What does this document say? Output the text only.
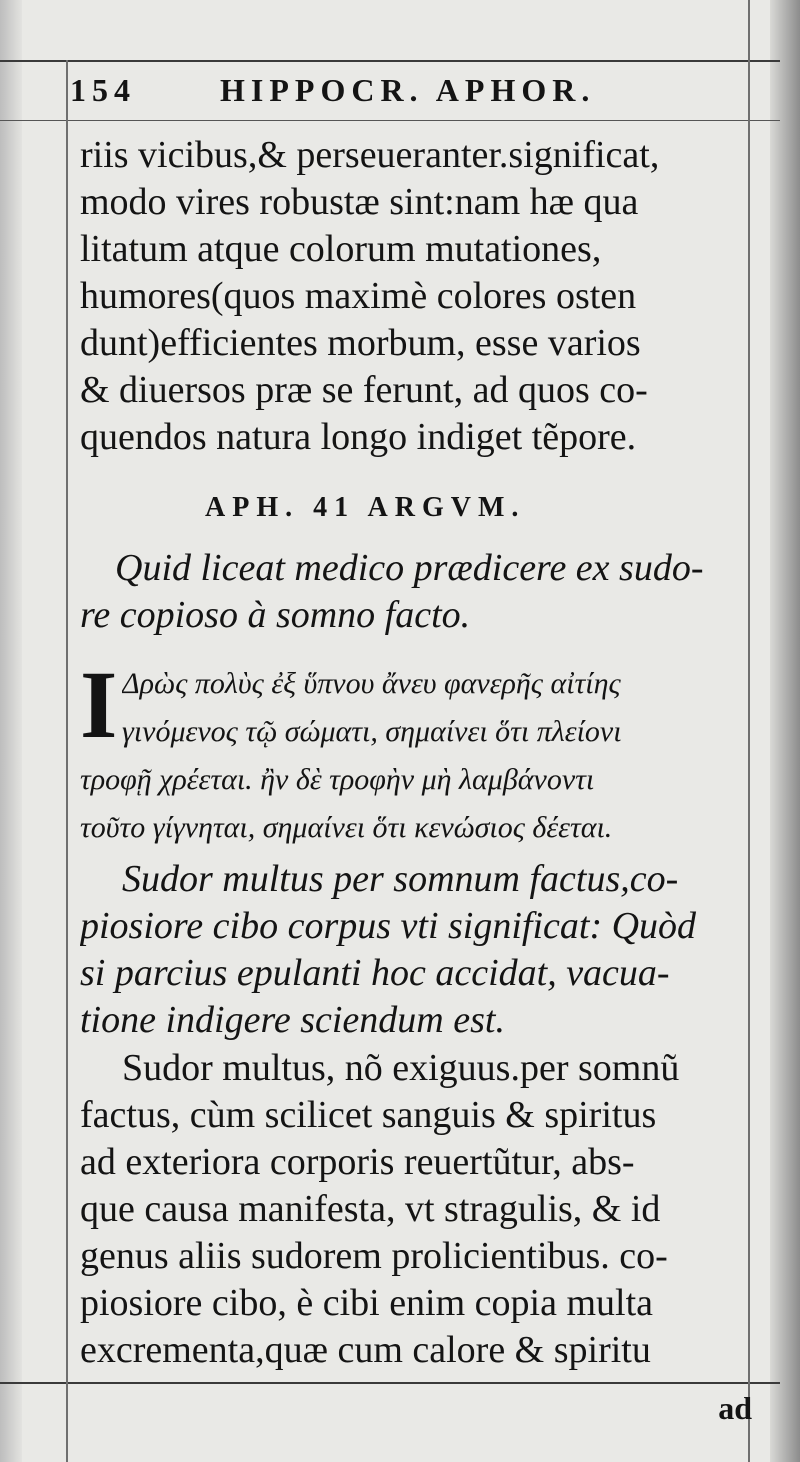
154	HIPPOCR. APHOR.
riis vicibus,& perseueranter.significat,
modo vires robustæ sint:nam hæ qua
litatum atque colorum mutationes,
humores(quos maximè colores osten
dunt)efficientes morbum, esse varios
& diuersos præ se ferunt, ad quos co-
quendos natura longo indiget tẽpore.
APH. 41 ARGVM.
Quid liceat medico prædicere ex sudo-
re copioso à somno facto.
I Δρὼς πολὺς ἐξ ὕπνου ἄνευ φανερῆς αἰτίης
γινόμενος τῷ σώματι, σημαίνει ὅτι πλείονι
τροφῇ χρέεται. ἢν δὲ τροφὴν μὴ λαμβάνοντι
τοῦτο γίγνηται, σημαίνει ὅτι κενώσιος δέεται.
Sudor multus per somnum factus,co-
piosiore cibo corpus vti significat: Quòd
si parcius epulanti hoc accidat, vacua-
tione indigere sciendum est.
Sudor multus, nõ exiguus.per somnũ
factus, cùm scilicet sanguis & spiritus
ad exteriora corporis reuertũtur, abs-
que causa manifesta, vt stragulis, & id
genus aliis sudorem prolicientibus. co-
piosiore cibo, è cibi enim copia multa
excrementa,quæ cum calore & spiritu
ad
